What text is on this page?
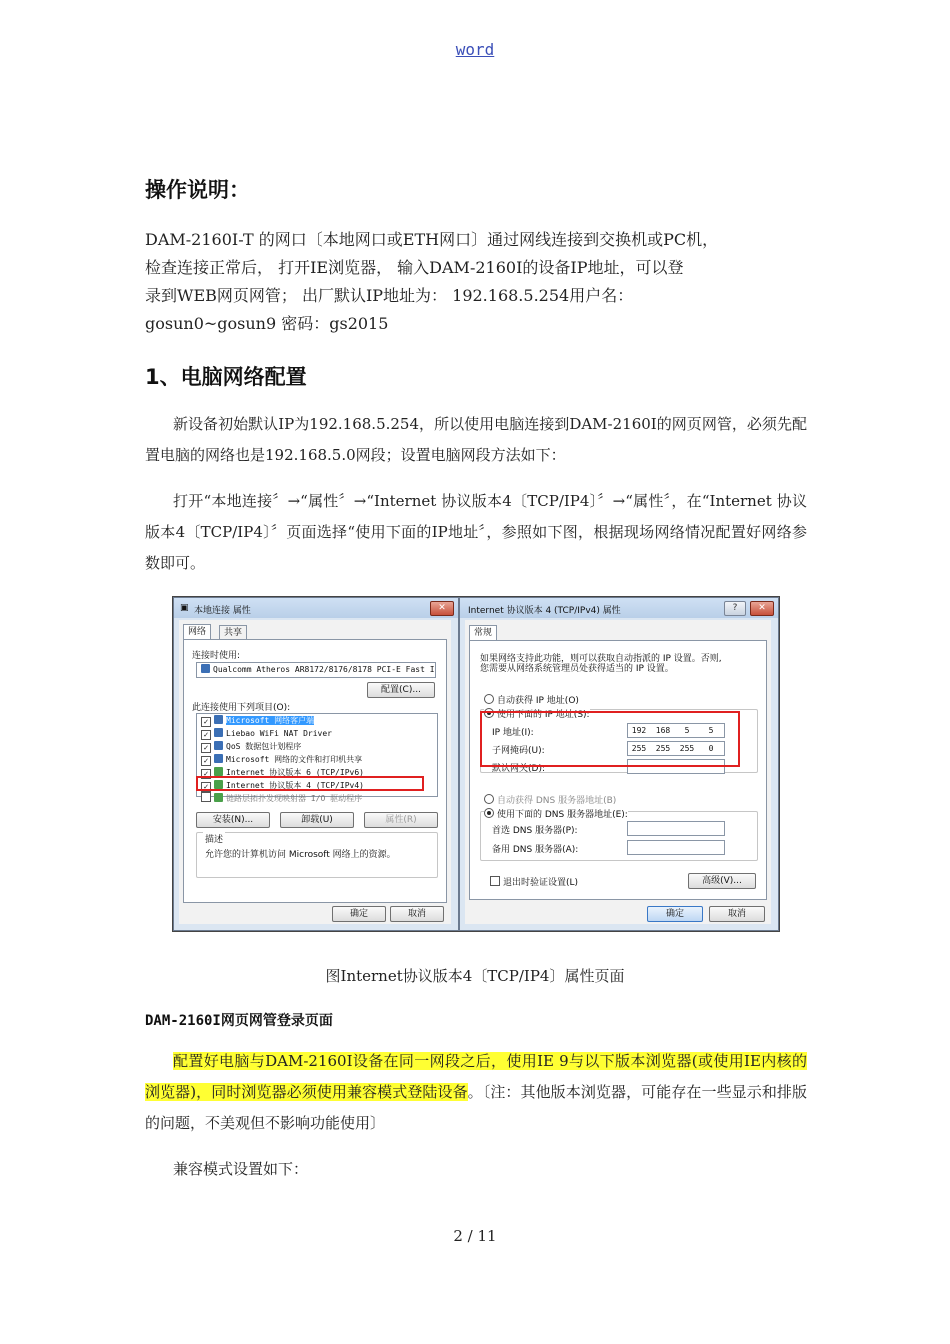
word
操作说明：
DAM-2160I-T 的网口〔本地网口或ETH网口〕通过网线连接到交换机或PC机，
检查连接正常后， 打开IE浏览器， 输入DAM-2160I的设备IP地址，可以登
录到WEB网页网管； 出厂默认IP地址为： 192.168.5.254用户名：
gosun0~gosun9 密码：gs2015
1、电脑网络配置

新设备初始默认IP为192.168.5.254，所以使用电脑连接到DAM-2160I的网页网管，必须先配置电脑的网络也是192.168.5.0网段；设置电脑网段方法如下：

打开“本地连接〞→“属性〞→“Internet 协议版本4〔TCP/IP4〕〞→“属性〞，在“Internet 协议版本4〔TCP/IP4〕〞页面选择“使用下面的IP地址〞，参照如下图，根据现场网络情况配置好网络参数即可。

▣ 本地连接 属性	✕
网络	共享
连接时使用:
Qualcomm Atheros AR8172/8176/8178 PCI-E Fast I
配置(C)...
此连接使用下列项目(O):
✓ Microsoft 网络客户端
✓ Liebao WiFi NAT Driver
✓ QoS 数据包计划程序
✓ Microsoft 网络的文件和打印机共享
✓ Internet 协议版本 6 (TCP/IPv6)
✓ Internet 协议版本 4 (TCP/IPv4)
链路层拓扑发现映射器 I/O 驱动程序
安装(N)...	卸载(U)	属性(R)
描述
允许您的计算机访问 Microsoft 网络上的资源。
确定	取消
Internet 协议版本 4 (TCP/IPv4) 属性	?	✕
常规
如果网络支持此功能，则可以获取自动指派的 IP 设置。否则,
您需要从网络系统管理员处获得适当的 IP 设置。
自动获得 IP 地址(O)
使用下面的 IP 地址(S):
IP 地址(I):	192	168	5	5
子网掩码(U):	255	255	255	0
默认网关(D):
自动获得 DNS 服务器地址(B)
使用下面的 DNS 服务器地址(E):
首选 DNS 服务器(P):
备用 DNS 服务器(A):
退出时验证设置(L)	高级(V)...
确定	取消
图Internet协议版本4〔TCP/IP4〕属性页面
DAM-2160I网页网管登录页面

配置好电脑与DAM-2160I设备在同一网段之后，使用IE 9与以下版本浏览器(或使用IE内核的浏览器)，同时浏览器必须使用兼容模式登陆设备。〔注：其他版本浏览器，可能存在一些显示和排版的问题，不美观但不影响功能使用〕

兼容模式设置如下：

2 / 11
